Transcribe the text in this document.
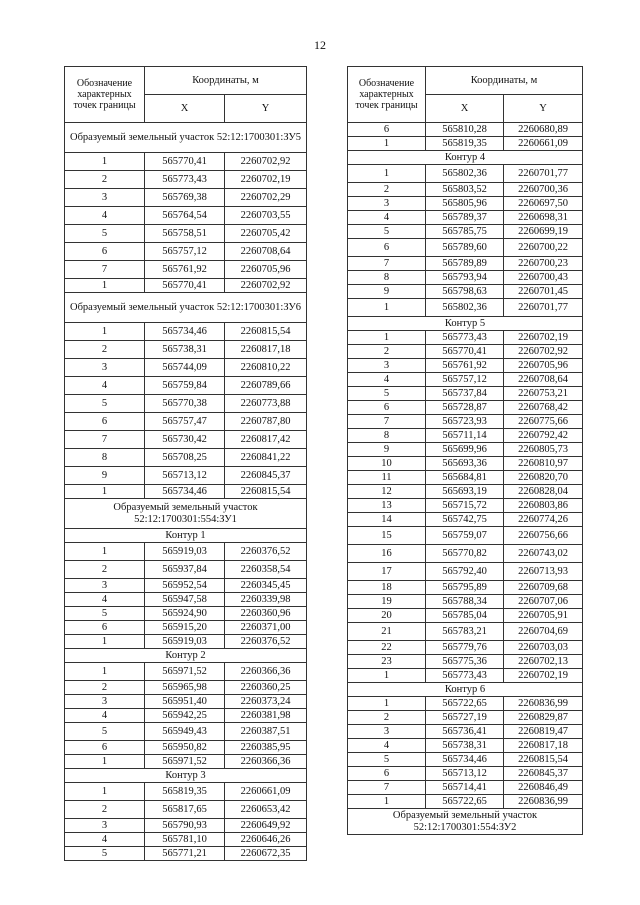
12
Обозначение характерных точек границы	Координаты, м	
	X	Y
Образуемый земельный участок 52:12:1700301:ЗУ5		
1	565770,41	2260702,92
2	565773,43	2260702,19
3	565769,38	2260702,29
4	565764,54	2260703,55
5	565758,51	2260705,42
6	565757,12	2260708,64
7	565761,92	2260705,96
1	565770,41	2260702,92
Образуемый земельный участок 52:12:1700301:ЗУ6		
1	565734,46	2260815,54
2	565738,31	2260817,18
3	565744,09	2260810,22
4	565759,84	2260789,66
5	565770,38	2260773,88
6	565757,47	2260787,80
7	565730,42	2260817,42
8	565708,25	2260841,22
9	565713,12	2260845,37
1	565734,46	2260815,54
Образуемый земельный участок 52:12:1700301:554:ЗУ1		
Контур 1		
1	565919,03	2260376,52
2	565937,84	2260358,54
3	565952,54	2260345,45
4	565947,58	2260339,98
5	565924,90	2260360,96
6	565915,20	2260371,00
1	565919,03	2260376,52
Контур 2		
1	565971,52	2260366,36
2	565965,98	2260360,25
3	565951,40	2260373,24
4	565942,25	2260381,98
5	565949,43	2260387,51
6	565950,82	2260385,95
1	565971,52	2260366,36
Контур 3		
1	565819,35	2260661,09
2	565817,65	2260653,42
3	565790,93	2260649,92
4	565781,10	2260646,26
5	565771,21	2260672,35
Обозначение характерных точек границы	Координаты, м	
	X	Y
6	565810,28	2260680,89
1	565819,35	2260661,09
Контур 4		
1	565802,36	2260701,77
2	565803,52	2260700,36
3	565805,96	2260697,50
4	565789,37	2260698,31
5	565785,75	2260699,19
6	565789,60	2260700,22
7	565789,89	2260700,23
8	565793,94	2260700,43
9	565798,63	2260701,45
1	565802,36	2260701,77
Контур 5		
1	565773,43	2260702,19
2	565770,41	2260702,92
3	565761,92	2260705,96
4	565757,12	2260708,64
5	565737,84	2260753,21
6	565728,87	2260768,42
7	565723,93	2260775,66
8	565711,14	2260792,42
9	565699,96	2260805,73
10	565693,36	2260810,97
11	565684,81	2260820,70
12	565693,19	2260828,04
13	565715,72	2260803,86
14	565742,75	2260774,26
15	565759,07	2260756,66
16	565770,82	2260743,02
17	565792,40	2260713,93
18	565795,89	2260709,68
19	565788,34	2260707,06
20	565785,04	2260705,91
21	565783,21	2260704,69
22	565779,76	2260703,03
23	565775,36	2260702,13
1	565773,43	2260702,19
Контур 6		
1	565722,65	2260836,99
2	565727,19	2260829,87
3	565736,41	2260819,47
4	565738,31	2260817,18
5	565734,46	2260815,54
6	565713,12	2260845,37
7	565714,41	2260846,49
1	565722,65	2260836,99
Образуемый земельный участок 52:12:1700301:554:ЗУ2		
